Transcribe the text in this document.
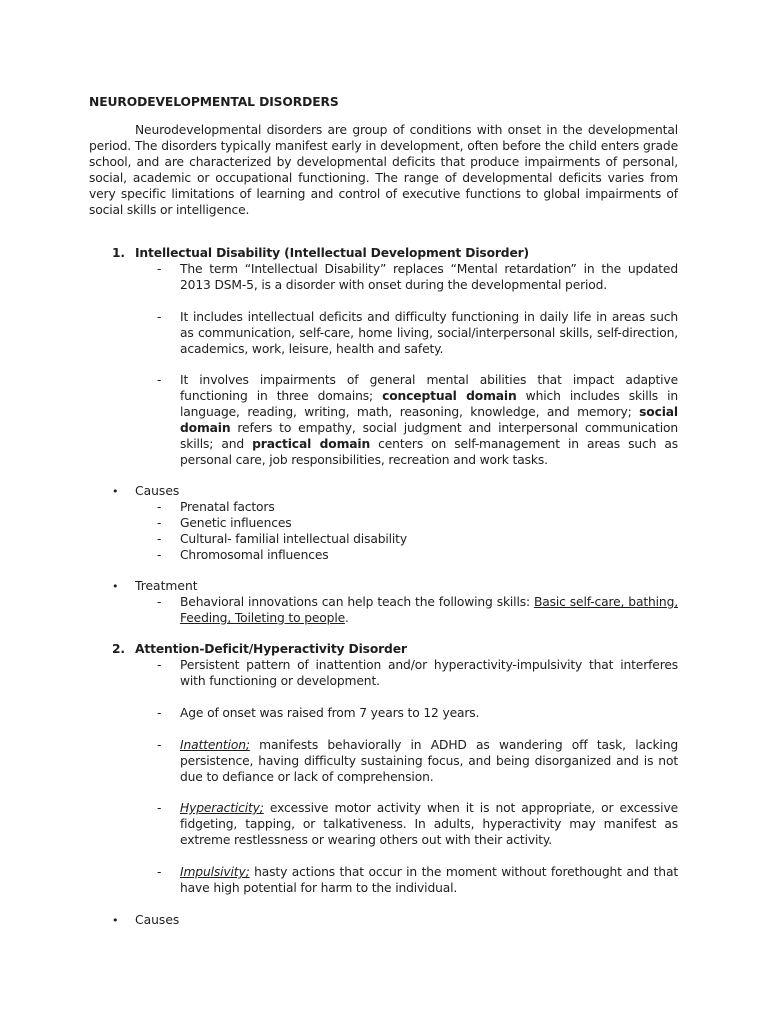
NEURODEVELOPMENTAL DISORDERS
Neurodevelopmental disorders are group of conditions with onset in the developmental period. The disorders typically manifest early in development, often before the child enters grade school, and are characterized by developmental deficits that produce impairments of personal, social, academic or occupational functioning. The range of developmental deficits varies from very specific limitations of learning and control of executive functions to global impairments of social skills or intelligence.
1. Intellectual Disability (Intellectual Development Disorder)
- The term “Intellectual Disability” replaces “Mental retardation” in the updated 2013 DSM-5, is a disorder with onset during the developmental period.
- It includes intellectual deficits and difficulty functioning in daily life in areas such as communication, self-care, home living, social/interpersonal skills, self-direction, academics, work, leisure, health and safety.
- It involves impairments of general mental abilities that impact adaptive functioning in three domains; conceptual domain which includes skills in language, reading, writing, math, reasoning, knowledge, and memory; social domain refers to empathy, social judgment and interpersonal communication skills; and practical domain centers on self-management in areas such as personal care, job responsibilities, recreation and work tasks.
• Causes
- Prenatal factors
- Genetic influences
- Cultural- familial intellectual disability
- Chromosomal influences
• Treatment
- Behavioral innovations can help teach the following skills: Basic self-care, bathing, Feeding, Toileting to people.
2. Attention-Deficit/Hyperactivity Disorder
- Persistent pattern of inattention and/or hyperactivity-impulsivity that interferes with functioning or development.
- Age of onset was raised from 7 years to 12 years.
- Inattention; manifests behaviorally in ADHD as wandering off task, lacking persistence, having difficulty sustaining focus, and being disorganized and is not due to defiance or lack of comprehension.
- Hyperacticity; excessive motor activity when it is not appropriate, or excessive fidgeting, tapping, or talkativeness. In adults, hyperactivity may manifest as extreme restlessness or wearing others out with their activity.
- Impulsivity; hasty actions that occur in the moment without forethought and that have high potential for harm to the individual.
• Causes
